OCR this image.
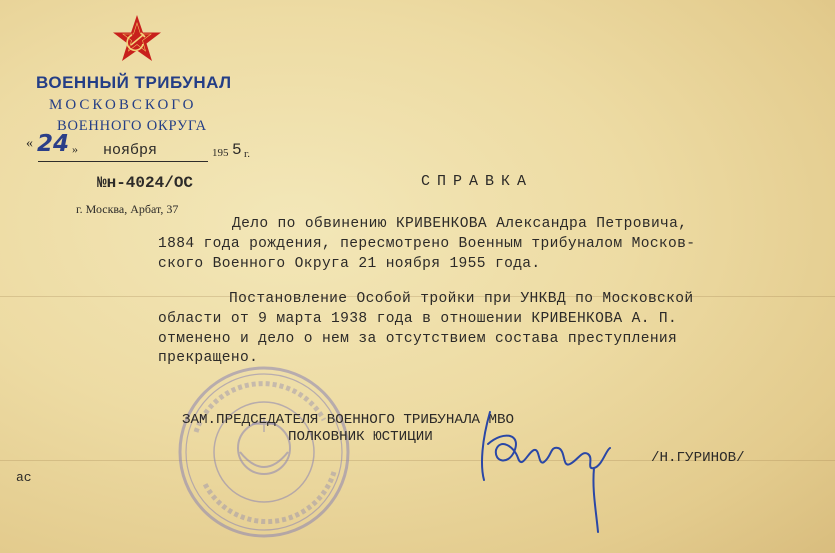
ВОЕННЫЙ ТРИБУНАЛ
МОСКОВСКОГО
ВОЕННОГО ОКРУГА
« 24 » ноября	195 5 г.
№н-4024/ОС
г. Москва, Арбат, 37
СПРАВКА
Дело по обвинению КРИВЕНКОВА Александра Петровича,
1884 года рождения, пересмотрено Военным трибуналом Москов-
ского Военного Округа 21 ноября 1955 года.
Постановление Особой тройки при УНКВД по Московской
области от 9 марта 1938 года в отношении КРИВЕНКОВА А. П.
отменено и дело о нем за отсутствием состава преступления
прекращено.
ЗАМ.ПРЕДСЕДАТЕЛЯ ВОЕННОГО ТРИБУНАЛА МВО
ПОЛКОВНИК ЮСТИЦИИ
/Н.ГУРИНОВ/
ас
